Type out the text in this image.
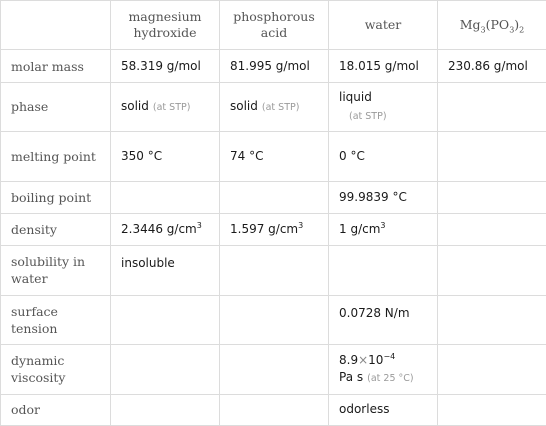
	magnesium hydroxide	phosphorous acid	water	$Mg_3(PO_3)_2$
molar mass	58.319 g/mol	81.995 g/mol	18.015 g/mol	230.86 g/mol
phase	solid (at STP)	solid (at STP)	liquid
(at STP)	

melting point	350 °C	74 °C	0 °C	
boiling point			99.9839 °C	
density	2.3446 $g/cm^3$	1.597 $g/cm^3$	1 $g/cm^3$	
solubility in water	insoluble			
surface tension			0.0728 N/m	
dynamic viscosity			$8.9\times 10^{-4}$
Pa s (at 25 °C)	

odor			odorless	
